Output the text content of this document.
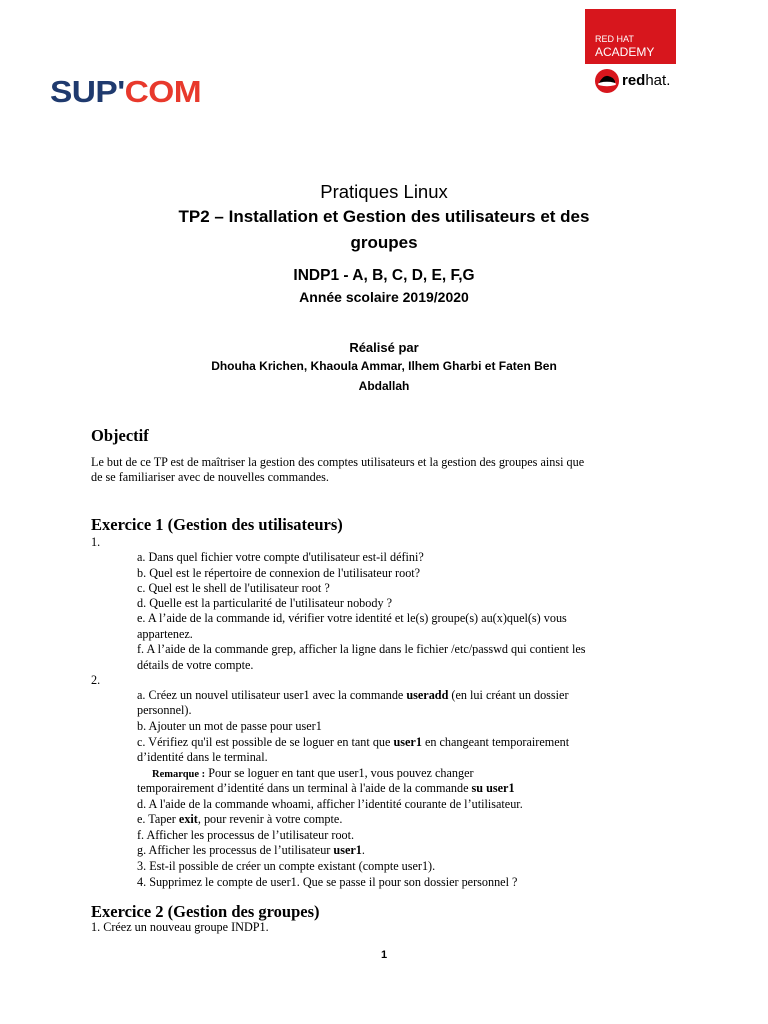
SUP'COM
RED HAT
ACADEMY
redhat.
Pratiques Linux
TP2 – Installation et Gestion des utilisateurs et des
groupes
INDP1 - A, B, C, D, E, F,G
Année scolaire 2019/2020
Réalisé par
Dhouha Krichen, Khaoula Ammar, Ilhem Gharbi et Faten Ben
Abdallah
Objectif
Le but de ce TP est de maîtriser la gestion des comptes utilisateurs et la gestion des groupes ainsi que
de se familiariser avec de nouvelles commandes.
Exercice 1 (Gestion des utilisateurs)
1.
a. Dans quel fichier votre compte d'utilisateur est-il défini?
b. Quel est le répertoire de connexion de l'utilisateur root?
c. Quel est le shell de l'utilisateur root ?
d. Quelle est la particularité de l'utilisateur nobody ?
e. A l’aide de la commande id, vérifier votre identité et le(s) groupe(s) au(x)quel(s) vous
appartenez.
f. A l’aide de la commande grep, afficher la ligne dans le fichier /etc/passwd qui contient les
détails de votre compte.
2.
a. Créez un nouvel utilisateur user1 avec la commande useradd (en lui créant un dossier
personnel).
b. Ajouter un mot de passe pour user1
c. Vérifiez qu'il est possible de se loguer en tant que user1 en changeant temporairement
d’identité dans le terminal.
Remarque : Pour se loguer en tant que user1, vous pouvez changer
temporairement d’identité dans un terminal à l'aide de la commande su user1
d. A l'aide de la commande whoami, afficher l’identité courante de l’utilisateur.
e. Taper exit, pour revenir à votre compte.
f. Afficher les processus de l’utilisateur root.
g. Afficher les processus de l’utilisateur user1.
3. Est-il possible de créer un compte existant (compte user1).
4. Supprimez le compte de user1. Que se passe il pour son dossier personnel ?
Exercice 2 (Gestion des groupes)
1. Créez un nouveau groupe INDP1.
1
